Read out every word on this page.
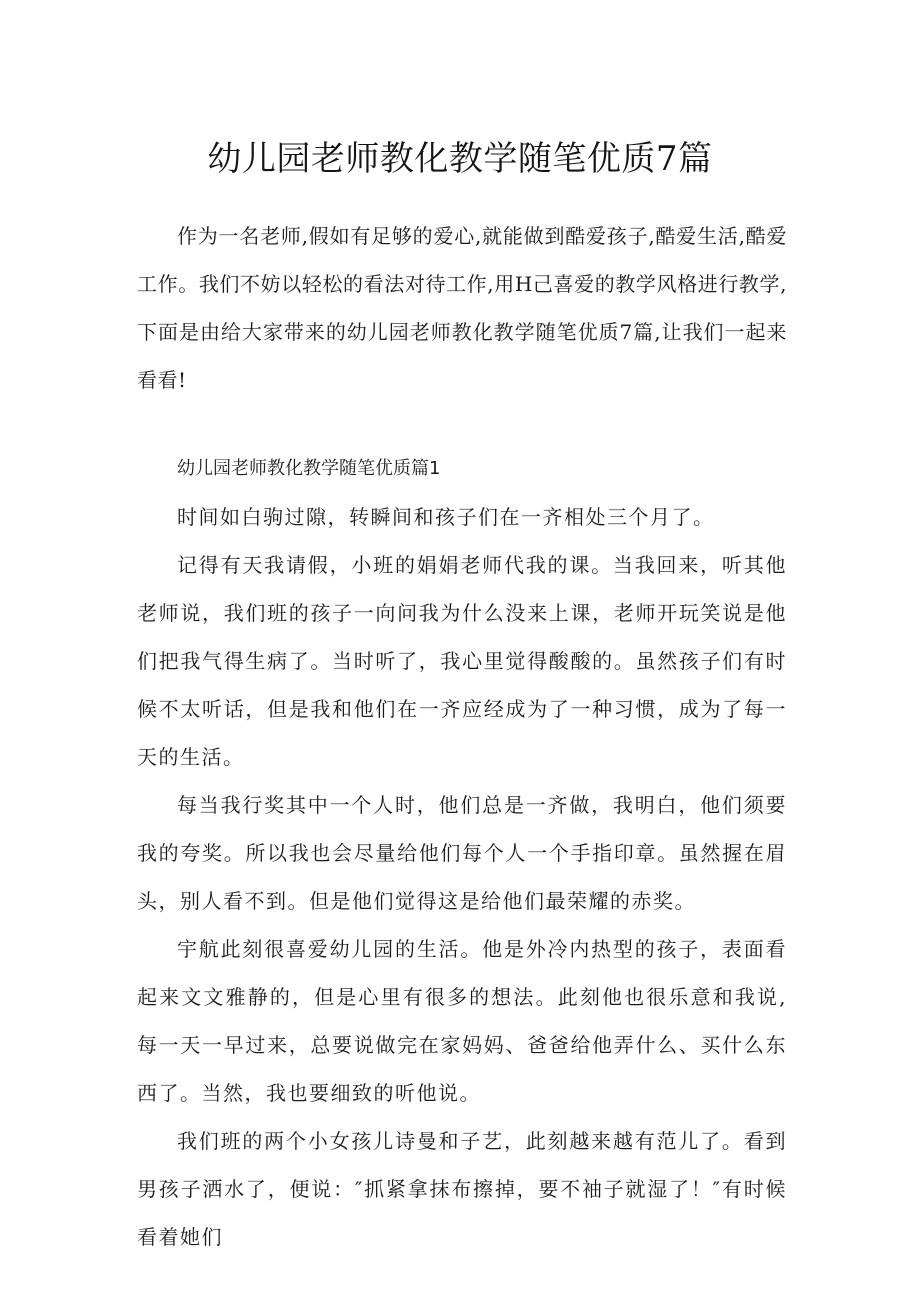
幼儿园老师教化教学随笔优质7篇

作为一名老师,假如有足够的爱心,就能做到酷爱孩子,酷爱生活,酷爱工作。我们不妨以轻松的看法对待工作,用H己喜爱的教学风格进行教学,下面是由给大家带来的幼儿园老师教化教学随笔优质7篇,让我们一起来看看!

幼儿园老师教化教学随笔优质篇1

时间如白驹过隙，转瞬间和孩子们在一齐相处三个月了。

记得有天我请假，小班的娟娟老师代我的课。当我回来，听其他老师说，我们班的孩子一向问我为什么没来上课，老师开玩笑说是他们把我气得生病了。当时听了，我心里觉得酸酸的。虽然孩子们有时候不太听话，但是我和他们在一齐应经成为了一种习惯，成为了每一天的生活。

每当我行奖其中一个人时，他们总是一齐做，我明白，他们须要我的夸奖。所以我也会尽量给他们每个人一个手指印章。虽然握在眉头，别人看不到。但是他们觉得这是给他们最荣耀的赤奖。

宇航此刻很喜爱幼儿园的生活。他是外冷内热型的孩子，表面看起来文文雅静的，但是心里有很多的想法。此刻他也很乐意和我说,每一天一早过来，总要说做完在家妈妈、爸爸给他弄什么、买什么东西了。当然，我也要细致的听他说。

我们班的两个小女孩儿诗曼和子艺，此刻越来越有范儿了。看到男孩子洒水了，便说：″抓紧拿抹布擦掉，要不袖子就湿了！″有时候看着她们
